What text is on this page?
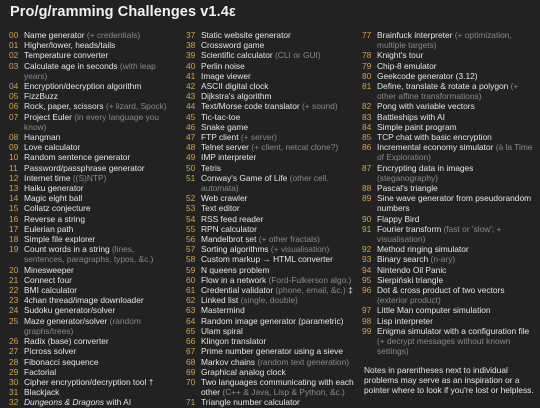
Pro/g/ramming Challenges v1.4ε
00 Name generator (+ credentials)
01 Higher/lower, heads/tails
02 Temperature converter
03 Calculate age in seconds (with leap years)
04 Encryption/decryption algorithm
05 FizzBuzz
06 Rock, paper, scissors (+ lizard, Spock)
07 Project Euler (in every language you know)
08 Hangman
09 Love calculator
10 Random sentence generator
11 Password/passphrase generator
12 Internet time ((S)NTP)
13 Haiku generator
14 Magic eight ball
15 Collatz conjecture
16 Reverse a string
17 Eulerian path
18 Simple file explorer
19 Count words in a string (lines, sentences, paragraphs, typos, &c.)
20 Minesweeper
21 Connect four
22 BMI calculator
23 4chan thread/image downloader
24 Sudoku generator/solver
25 Maze generator/solver (random graphs/trees)
26 Radix (base) converter
27 Picross solver
28 Fibonacci sequence
29 Factorial
30 Cipher encryption/decryption tool †
31 Blackjack
32 Dungeons & Dragons with AI
37 Static website generator
38 Crossword game
39 Scientific calculator (CLI or GUI)
40 Perlin noise
41 Image viewer
42 ASCII digital clock
43 Dijkstra's algorithm
44 Text/Morse code translator (+ sound)
45 Tic-tac-toe
46 Snake game
47 FTP client (+ server)
48 Telnet server (+ client, netcat clone?)
49 IMP interpreter
50 Tetris
51 Conway's Game of Life (other cell. automata)
52 Web crawler
53 Text editor
54 RSS feed reader
55 RPN calculator
56 Mandelbrot set (+ other fractals)
57 Sorting algorithms (+ visualisation)
58 Custom markup → HTML converter
59 N queens problem
60 Flow in a network (Ford-Fulkerson algo.)
61 Credential validator (phone, email, &c.) ‡
62 Linked list (single, double)
63 Mastermind
64 Random image generator (parametric)
65 Ulam spiral
66 Klingon translator
67 Prime number generator using a sieve
68 Markov chains (random text generation)
69 Graphical analog clock
70 Two languages communicating with each other (C++ & Java, Lisp & Python, &c.)
71 Triangle number calculator
77 Brainfuck interpreter (+ optimization, multiple targets)
78 Knight's tour
79 Chip-8 emulator
80 Geekcode generator (3.12)
81 Define, translate & rotate a polygon (+ other affine transformations)
82 Pong with variable vectors
83 Battleships with AI
84 Simple paint program
85 TCP chat with basic encryption
86 Incremental economy simulator (à la Time of Exploration)
87 Encrypting data in images (steganography)
88 Pascal's triangle
89 Sine wave generator from pseudorandom numbers
90 Flappy Bird
91 Fourier transform (fast or 'slow'; + visualisation)
92 Method ringing simulator
93 Binary search (n-ary)
94 Nintendo Oil Panic
95 Sierpiński triangle
96 Dot & cross product of two vectors (exterior product)
97 Little Man computer simulation
98 Lisp interpreter
99 Enigma simulator with a configuration file (+ decrypt messages without known settings)
Notes in parentheses next to individual problems may serve as an inspiration or a pointer where to look if you're lost or helpless.
